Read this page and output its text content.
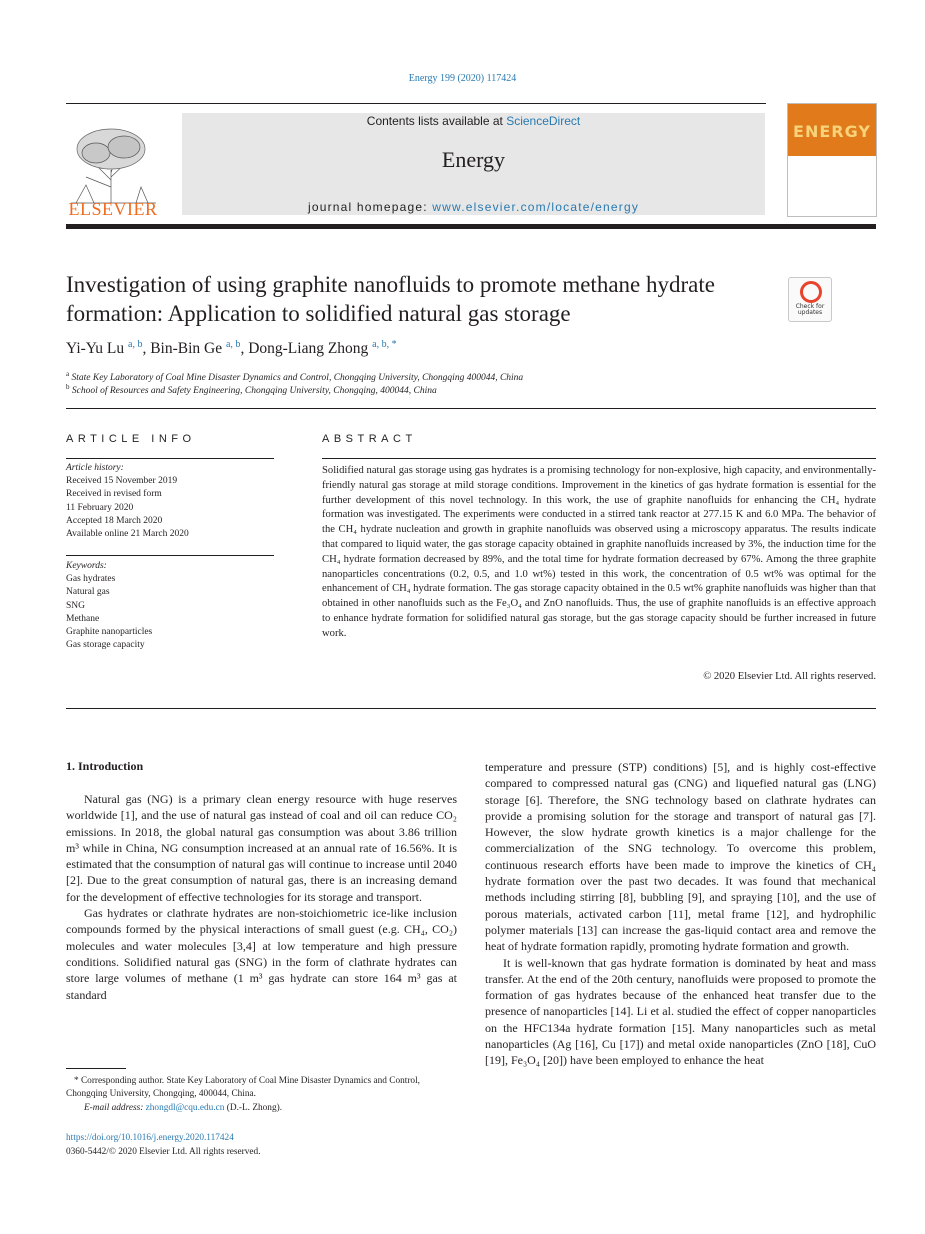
Energy 199 (2020) 117424
ELSEVIER
Contents lists available at ScienceDirect
Energy
journal homepage: www.elsevier.com/locate/energy
ENERGY
Investigation of using graphite nanofluids to promote methane hydrate formation: Application to solidified natural gas storage	Check for updates
Yi-Yu Lu $^{a, b}$, Bin-Bin Ge $^{a, b}$, Dong-Liang Zhong $^{a, b, *}$
$^a$ State Key Laboratory of Coal Mine Disaster Dynamics and Control, Chongqing University, Chongqing 400044, China
$^b$ School of Resources and Safety Engineering, Chongqing University, Chongqing, 400044, China
ARTICLE INFO
Article history:
Received 15 November 2019
Received in revised form
11 February 2020
Accepted 18 March 2020
Available online 21 March 2020
Keywords:
Gas hydrates
Natural gas
SNG
Methane
Graphite nanoparticles
Gas storage capacity
ABSTRACT

Solidified natural gas storage using gas hydrates is a promising technology for non-explosive, high capacity, and environmentally-friendly natural gas storage at mild storage conditions. Improvement in the kinetics of gas hydrate formation is essential for the further development of this novel technology. In this work, the use of graphite nanofluids for enhancing the CH₄ hydrate formation was investigated. The experiments were conducted in a stirred tank reactor at 277.15 K and 6.0 MPa. The behavior of the CH₄ hydrate nucleation and growth in graphite nanofluids was observed using a microscopy apparatus. The results indicate that compared to liquid water, the gas storage capacity obtained in graphite nanofluids increased by 3%, the induction time for the CH₄ hydrate formation decreased by 89%, and the total time for hydrate formation decreased by 67%. Among the three graphite nanoparticles concentrations (0.2, 0.5, and 1.0 wt%) tested in this work, the concentration of 0.5 wt% was optimal for the enhancement of CH₄ hydrate formation. The gas storage capacity obtained in the 0.5 wt% graphite nanofluids was higher than that obtained in other nanofluids such as the Fe₃O₄ and ZnO nanofluids. Thus, the use of graphite nanofluids is an effective approach to enhance hydrate formation for solidified natural gas storage, but the gas storage capacity should be further increased in future work.

© 2020 Elsevier Ltd. All rights reserved.
1. Introduction

Natural gas (NG) is a primary clean energy resource with huge reserves worldwide [1], and the use of natural gas instead of coal and oil can reduce CO₂ emissions. In 2018, the global natural gas consumption was about 3.86 trillion m³ while in China, NG consumption increased at an annual rate of 16.56%. It is estimated that the consumption of natural gas will continue to increase until 2040 [2]. Due to the great consumption of natural gas, there is an increasing demand for the development of effective technologies for its storage and transport.

Gas hydrates or clathrate hydrates are non-stoichiometric ice-like inclusion compounds formed by the physical interactions of small guest (e.g. CH₄, CO₂) molecules and water molecules [3,4] at low temperature and high pressure conditions. Solidified natural gas (SNG) in the form of clathrate hydrates can store large volumes of methane (1 m³ gas hydrate can store 164 m³ gas at standard

temperature and pressure (STP) conditions) [5], and is highly cost-effective compared to compressed natural gas (CNG) and liquefied natural gas (LNG) storage [6]. Therefore, the SNG technology based on clathrate hydrates can provide a promising solution for the storage and transport of natural gas [7]. However, the slow hydrate growth kinetics is a major challenge for the commercialization of the SNG technology. To overcome this problem, continuous research efforts have been made to improve the kinetics of CH₄ hydrate formation over the past two decades. It was found that mechanical methods including stirring [8], bubbling [9], and spraying [10], and the use of porous materials, activated carbon [11], metal frame [12], and hydrophilic polymer materials [13] can increase the gas-liquid contact area and remove the heat of hydrate formation rapidly, promoting hydrate formation and growth.

It is well-known that gas hydrate formation is dominated by heat and mass transfer. At the end of the 20th century, nanofluids were proposed to promote the formation of gas hydrates because of the enhanced heat transfer due to the presence of nanoparticles [14]. Li et al. studied the effect of copper nanoparticles on the HFC134a hydrate formation [15]. Many nanoparticles such as metal nanoparticles (Ag [16], Cu [17]) and metal oxide nanoparticles (ZnO [18], CuO [19], Fe₃O₄ [20]) have been employed to enhance the heat

* Corresponding author. State Key Laboratory of Coal Mine Disaster Dynamics and Control, Chongqing University, Chongqing, 400044, China.
E-mail address: zhongdl@cqu.edu.cn (D.-L. Zhong).
https://doi.org/10.1016/j.energy.2020.117424
0360-5442/© 2020 Elsevier Ltd. All rights reserved.
